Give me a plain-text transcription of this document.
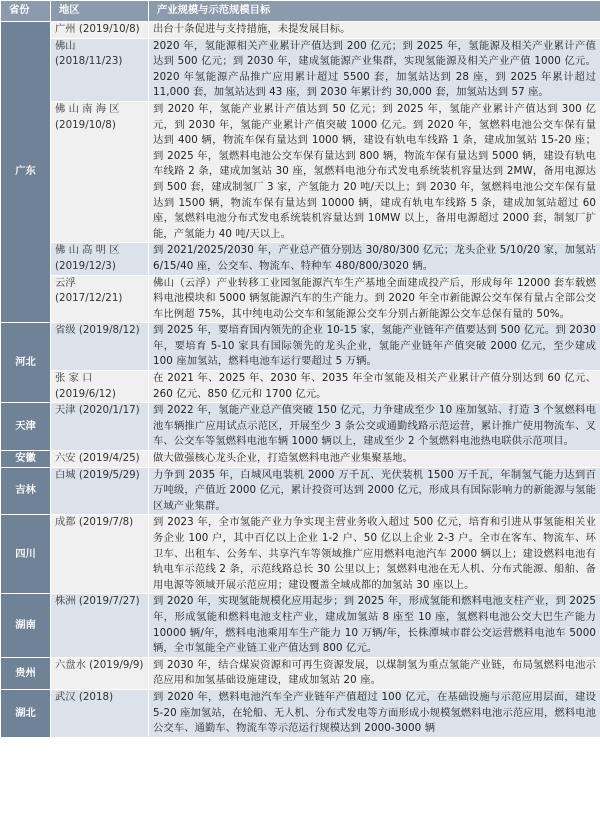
省份	地区	产业规模与示范规模目标
广东	广州 (2019/10/8)	出台十条促进与支持措施，未提发展目标。
	佛山 (2018/11/23)	2020 年，氢能源相关产业累计产值达到 200 亿元；到 2025 年，氢能源及相关产业累计产值达到 500 亿元；到 2030 年，建成氢能源产业集群，实现氢能源及相关产业产值 1000 亿元。2020 年氢能源产品推广应用累计超过 5500 套，加氢站达到 28 座，到 2025 年累计超过 11,000 套，加氢站达到 43 座，到 2030 年累计约 30,000 套，加氢站达到 57 座。
	佛 山 南 海 区 (2019/10/8)	到 2020 年，氢能产业累计产值达到 50 亿元；到 2025 年，氢能产业累计产值达到 300 亿元，到 2030 年，氢能产业累计产值突破 1000 亿元。到 2020 年，氢燃料电池公交车保有量达到 400 辆，物流车保有量达到 1000 辆，建设有轨电车线路 1 条，建成加氢站 15-20 座；到 2025 年，氢燃料电池公交车保有量达到 800 辆，物流车保有量达到 5000 辆，建设有轨电车线路 2 条，建成加氢站 30 座，氢燃料电池分布式发电系统装机容量达到 2MW，备用电源达到 500 套，建成制氢厂 3 家，产氢能力 20 吨/天以上；到 2030 年，氢燃料电池公交车保有量达到 1500 辆，物流车保有量达到 10000 辆，建成有轨电车线路 5 条，建成加氢站超过 60 座，氢燃料电池分布式发电系统装机容量达到 10MW 以上，备用电源超过 2000 套，制氢厂扩能，产氢能力 40 吨/天以上。
	佛 山 高 明 区 (2019/12/3)	到 2021/2025/2030 年，产业总产值分别达 30/80/300 亿元；龙头企业 5/10/20 家，加氢站 6/15/40 座，公交车、物流车、特种车 480/800/3020 辆。
	云浮 (2017/12/21)	佛山（云浮）产业转移工业园氢能源汽车生产基地全面建成投产后，形成每年 12000 套车载燃料电池模块和 5000 辆氢能源汽车的生产能力。到 2020 年全市新能源公交车保有量占全部公交车比例超 75%，其中纯电动公交车和氢能源公交车分别占新能源公交车总保有量的 50%。
河北	省级 (2019/8/12)	到 2025 年，要培育国内领先的企业 10-15 家，氢能产业链年产值要达到 500 亿元。到 2030 年，要培育 5-10 家具有国际领先的龙头企业，氢能产业链年产值突破 2000 亿元，至少建成 100 座加氢站，燃料电池车运行要超过 5 万辆。
	张 家 口 (2019/6/12)	在 2021 年、2025 年、2030 年、2035 年全市氢能及相关产业累计产值分别达到 60 亿元、260 亿元、850 亿元和 1700 亿元。
天津	天津 (2020/1/17)	到 2022 年，氢能产业总产值突破 150 亿元，力争建成至少 10 座加氢站、打造 3 个氢燃料电池车辆推广应用试点示范区，开展至少 3 条公交或通勤线路示范运营，累计推广使用物流车、叉车、公交车等氢燃料电池车辆 1000 辆以上，建成至少 2 个氢燃料电池热电联供示范项目。
安徽	六安 (2019/4/25)	做大做强核心龙头企业，打造氢燃料电池产业集聚基地。
吉林	白城 (2019/5/29)	力争到 2035 年，白城风电装机 2000 万千瓦、光伏装机 1500 万千瓦，年制氢气能力达到百万吨级，产值近 2000 亿元，累计投资可达到 2000 亿元，形成具有国际影响力的新能源与氢能区域产业集群。
四川	成都 (2019/7/8)	到 2023 年，全市氢能产业力争实现主营业务收入超过 500 亿元，培育和引进从事氢能相关业务企业 100 户，其中百亿以上企业 1-2 户、50 亿以上企业 2-3 户。全市在客车、物流车、环卫车、出租车、公务车、共享汽车等领域推广应用燃料电池汽车 2000 辆以上；建设燃料电池有轨电车示范线 2 条，示范线路总长 30 公里以上；氢燃料电池在无人机、分布式能源、船舶、备用电源等领域开展示范应用；建设覆盖全域成都的加氢站 30 座以上。
湖南	株洲 (2019/7/27)	到 2020 年，实现氢能规模化应用起步；到 2025 年，形成氢能和燃料电池支柱产业，到 2025 年，形成氢能和燃料电池支柱产业，建成加氢站 8 座至 10 座，氢燃料电池公交大巴生产能力 10000 辆/年，燃料电池乘用车生产能力 10 万辆/年，长株潭城市群公交运营燃料电池车 5000 辆，全市氢能全产业链工业产值达到 800 亿元。
贵州	六盘水 (2019/9/9)	到 2030 年，结合煤炭资源和可再生资源发展，以煤制氢为重点氢能产业链，布局氢燃料电池示范应用和加氢基础设施建设，建成加氢站 20 座。
湖北	武汉 (2018)	到 2020 年，燃料电池汽车全产业链年产值超过 100 亿元，在基础设施与示范应用层面，建设 5-20 座加氢站，在轮船、无人机、分布式发电等方面形成小规模氢燃料电池示范应用，燃料电池公交车、通勤车、物流车等示范运行规模达到 2000-3000 辆
